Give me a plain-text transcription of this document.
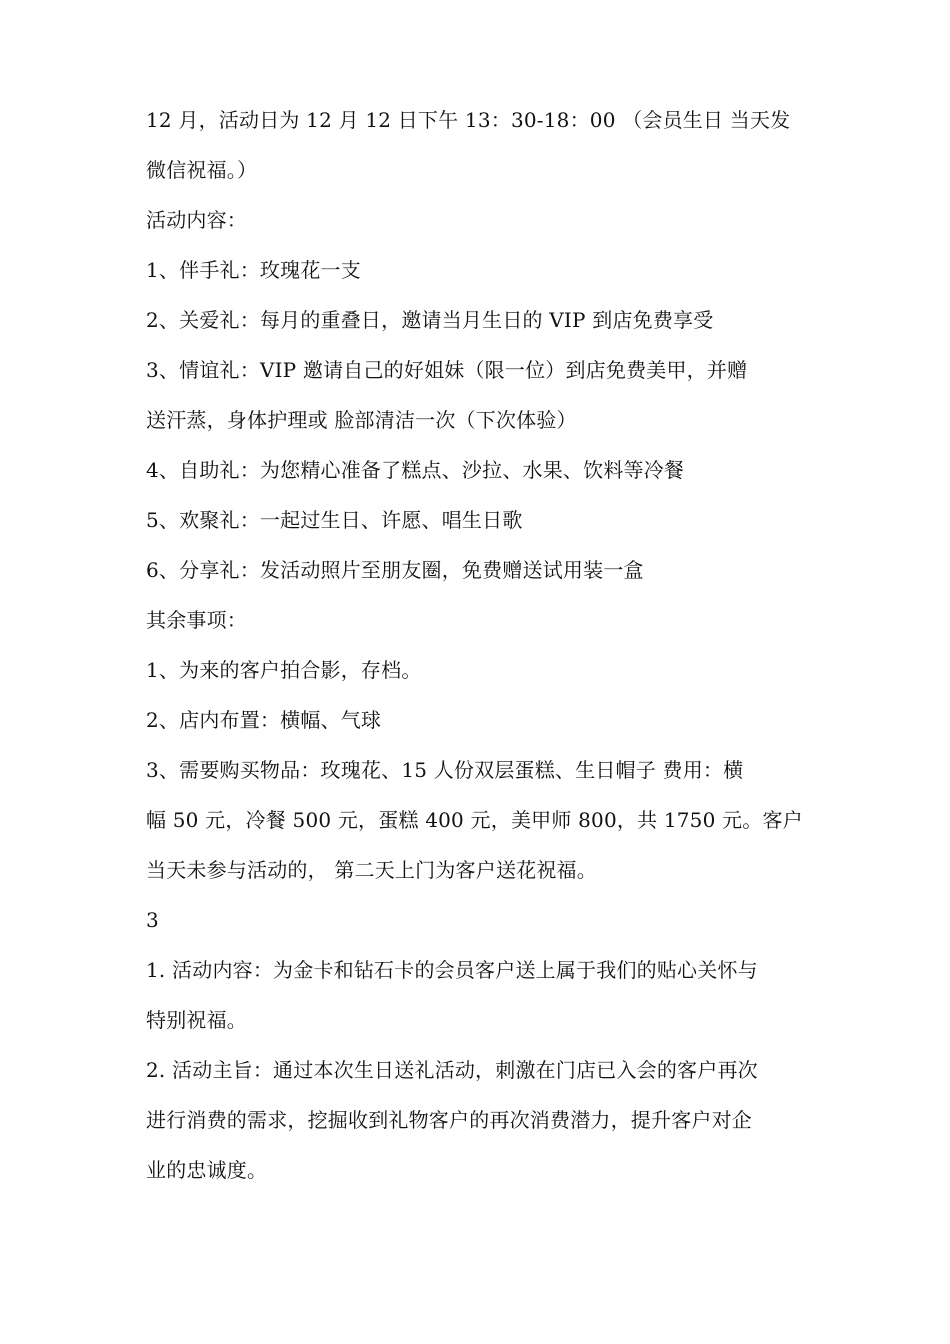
12 月，活动日为 12 月 12 日下午 13：30-18：00 （会员生日 当天发
微信祝福。）
活动内容：
1、伴手礼：玫瑰花一支
2、关爱礼：每月的重叠日，邀请当月生日的 VIP 到店免费享受
3、情谊礼：VIP 邀请自己的好姐妹（限一位）到店免费美甲，并赠
送汗蒸，身体护理或 脸部清洁一次（下次体验）
4、自助礼：为您精心准备了糕点、沙拉、水果、饮料等冷餐
5、欢聚礼：一起过生日、许愿、唱生日歌
6、分享礼：发活动照片至朋友圈，免费赠送试用装一盒
其余事项：
1、为来的客户拍合影，存档。
2、店内布置：横幅、气球
3、需要购买物品：玫瑰花、15 人份双层蛋糕、生日帽子 费用：横
幅 50 元，冷餐 500 元，蛋糕 400 元，美甲师 800，共 1750 元。客户
当天未参与活动的， 第二天上门为客户送花祝福。
3
1. 活动内容：为金卡和钻石卡的会员客户送上属于我们的贴心关怀与
特别祝福。
2. 活动主旨：通过本次生日送礼活动，刺激在门店已入会的客户再次
进行消费的需求，挖掘收到礼物客户的再次消费潜力，提升客户对企
业的忠诚度。
